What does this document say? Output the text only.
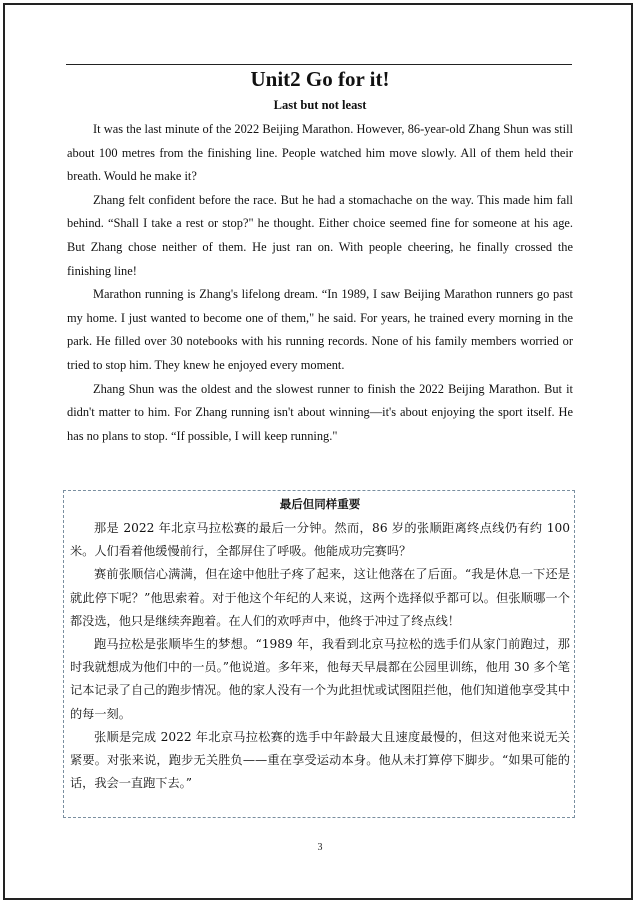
Unit2 Go for it!
Last but not least

It was the last minute of the 2022 Beijing Marathon. However, 86-year-old Zhang Shun was still about 100 metres from the finishing line. People watched him move slowly. All of them held their breath. Would he make it?

Zhang felt confident before the race. But he had a stomachache on the way. This made him fall behind. “Shall I take a rest or stop?" he thought. Either choice seemed fine for someone at his age. But Zhang chose neither of them. He just ran on. With people cheering, he finally crossed the finishing line!

Marathon running is Zhang's lifelong dream. “In 1989, I saw Beijing Marathon runners go past my home. I just wanted to become one of them," he said. For years, he trained every morning in the park. He filled over 30 notebooks with his running records. None of his family members worried or tried to stop him. They knew he enjoyed every moment.

Zhang Shun was the oldest and the slowest runner to finish the 2022 Beijing Marathon. But it didn't matter to him. For Zhang running isn't about winning—it's about enjoying the sport itself. He has no plans to stop. “If possible, I will keep running."

最后但同样重要

那是 2022 年北京马拉松赛的最后一分钟。然而，86 岁的张顺距离终点线仍有约 100 米。人们看着他缓慢前行，全都屏住了呼吸。他能成功完赛吗？

赛前张顺信心满满，但在途中他肚子疼了起来，这让他落在了后面。“我是休息一下还是就此停下呢？”他思索着。对于他这个年纪的人来说，这两个选择似乎都可以。但张顺哪一个都没选，他只是继续奔跑着。在人们的欢呼声中，他终于冲过了终点线！

跑马拉松是张顺毕生的梦想。“1989 年，我看到北京马拉松的选手们从家门前跑过，那时我就想成为他们中的一员。”他说道。多年来，他每天早晨都在公园里训练，他用 30 多个笔记本记录了自己的跑步情况。他的家人没有一个为此担忧或试图阻拦他，他们知道他享受其中的每一刻。

张顺是完成 2022 年北京马拉松赛的选手中年龄最大且速度最慢的，但这对他来说无关紧要。对张来说，跑步无关胜负——重在享受运动本身。他从未打算停下脚步。“如果可能的话，我会一直跑下去。”

3
